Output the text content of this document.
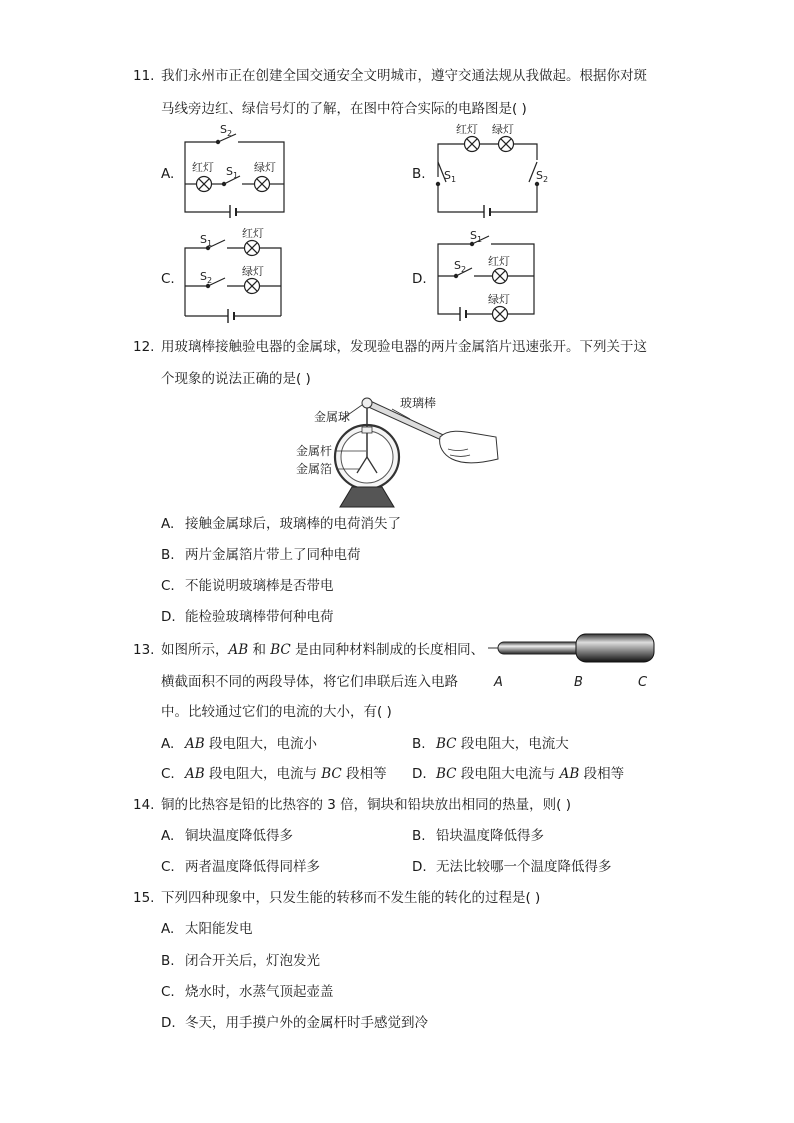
11. 我们永州市正在创建全国交通安全文明城市，遵守交通法规从我做起。根据你对斑
马线旁边红、绿信号灯的了解，在图中符合实际的电路图是( )
A.
$S_2$
红灯 $S_1$
绿灯	B.
红灯 绿灯
$S_1$	$S_2$
C.
$S_1$
红灯
$S_2$
绿灯	D.
$S_1$
$S_2$
红灯
绿灯
12. 用玻璃棒接触验电器的金属球，发现验电器的两片金属箔片迅速张开。下列关于这
个现象的说法正确的是( )
金属球
玻璃棒
金属杆
金属箔
A. 接触金属球后，玻璃棒的电荷消失了
B. 两片金属箔片带上了同种电荷
C. 不能说明玻璃棒是否带电
D. 能检验玻璃棒带何种电荷
13. 如图所示，AB 和 BC 是由同种材料制成的长度相同、
横截面积不同的两段导体，将它们串联后连入电路
中。比较通过它们的电流的大小，有( )
A	B	C
A. AB 段电阻大，电流小	B. BC 段电阻大，电流大
C. AB 段电阻大，电流与 BC 段相等 D. BC 段电阻大电流与 AB 段相等
14. 铜的比热容是铅的比热容的 3 倍，铜块和铅块放出相同的热量，则( )
A. 铜块温度降低得多	B. 铅块温度降低得多
C. 两者温度降低得同样多	D. 无法比较哪一个温度降低得多
15. 下列四种现象中，只发生能的转移而不发生能的转化的过程是( )
A. 太阳能发电
B. 闭合开关后，灯泡发光
C. 烧水时，水蒸气顶起壶盖
D. 冬天，用手摸户外的金属杆时手感觉到冷
